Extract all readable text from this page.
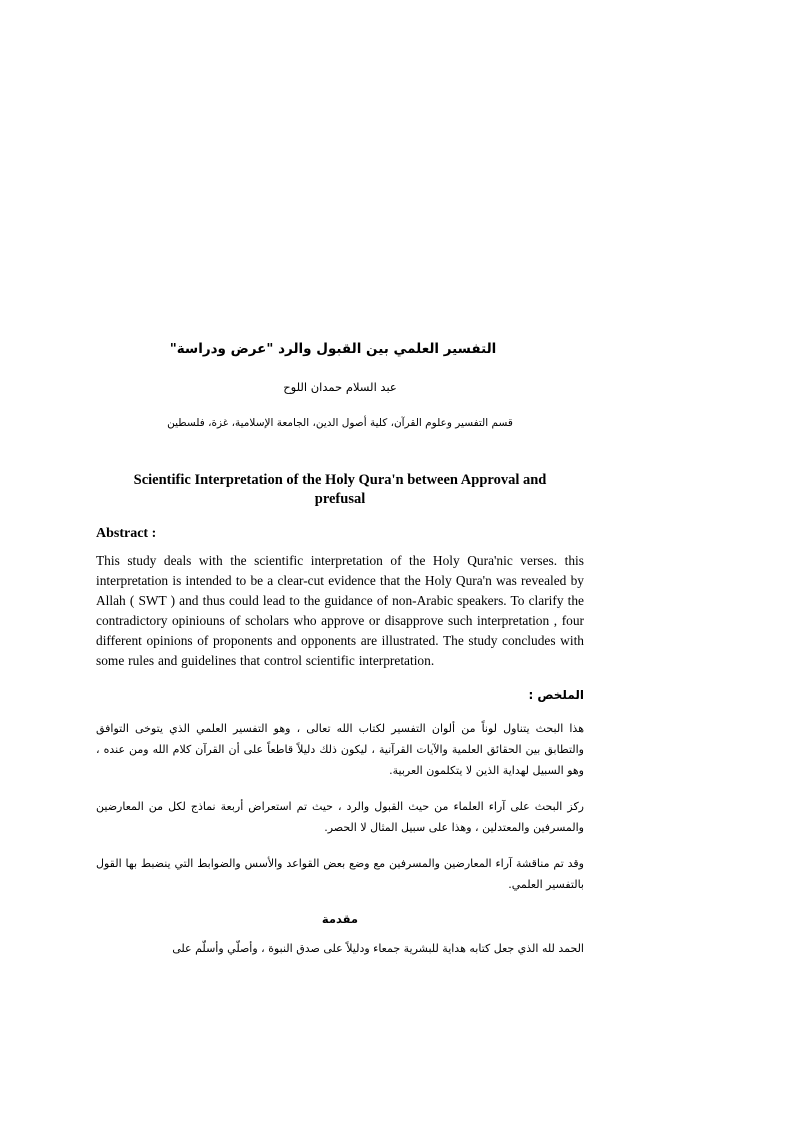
التفسير العلمي بين القبول والرد "عرض ودراسة"
عبد السلام حمدان اللوح
قسم التفسير وعلوم القرآن، كلية أصول الدين، الجامعة الإسلامية، غزة، فلسطين
Scientific Interpretation of the Holy Qura'n between Approval and prefusal
Abstract :

This study deals with the scientific interpretation of the Holy Qura'nic verses. this interpretation is intended to be a clear-cut evidence that the Holy Qura'n was revealed by Allah ( SWT ) and thus could lead to the guidance of non-Arabic speakers. To clarify the contradictory opiniouns of scholars who approve or disapprove such interpretation , four different opinions of proponents and opponents are illustrated. The study concludes with some rules and guidelines that control scientific interpretation.

الملخص :

هذا البحث يتناول لوناً من ألوان التفسير لكتاب الله تعالى ، وهو التفسير العلمي الذي يتوخى التوافق والتطابق بين الحقائق العلمية والآيات القرآنية ، ليكون ذلك دليلاً قاطعاً على أن القرآن كلام الله ومن عنده ، وهو السبيل لهداية الذين لا يتكلمون العربية.

ركز البحث على آراء العلماء من حيث القبول والرد ، حيث تم استعراض أربعة نماذج لكل من المعارضين والمسرفين والمعتدلين ، وهذا على سبيل المثال لا الحصر.

وقد تم مناقشة آراء المعارضين والمسرفين مع وضع بعض القواعد والأسس والضوابط التي ينضبط بها القول بالتفسير العلمي.

مقدمة

الحمد لله الذي جعل كتابه هداية للبشرية جمعاء ودليلاً على صدق النبوة ، وأصلّي وأسلّم على
